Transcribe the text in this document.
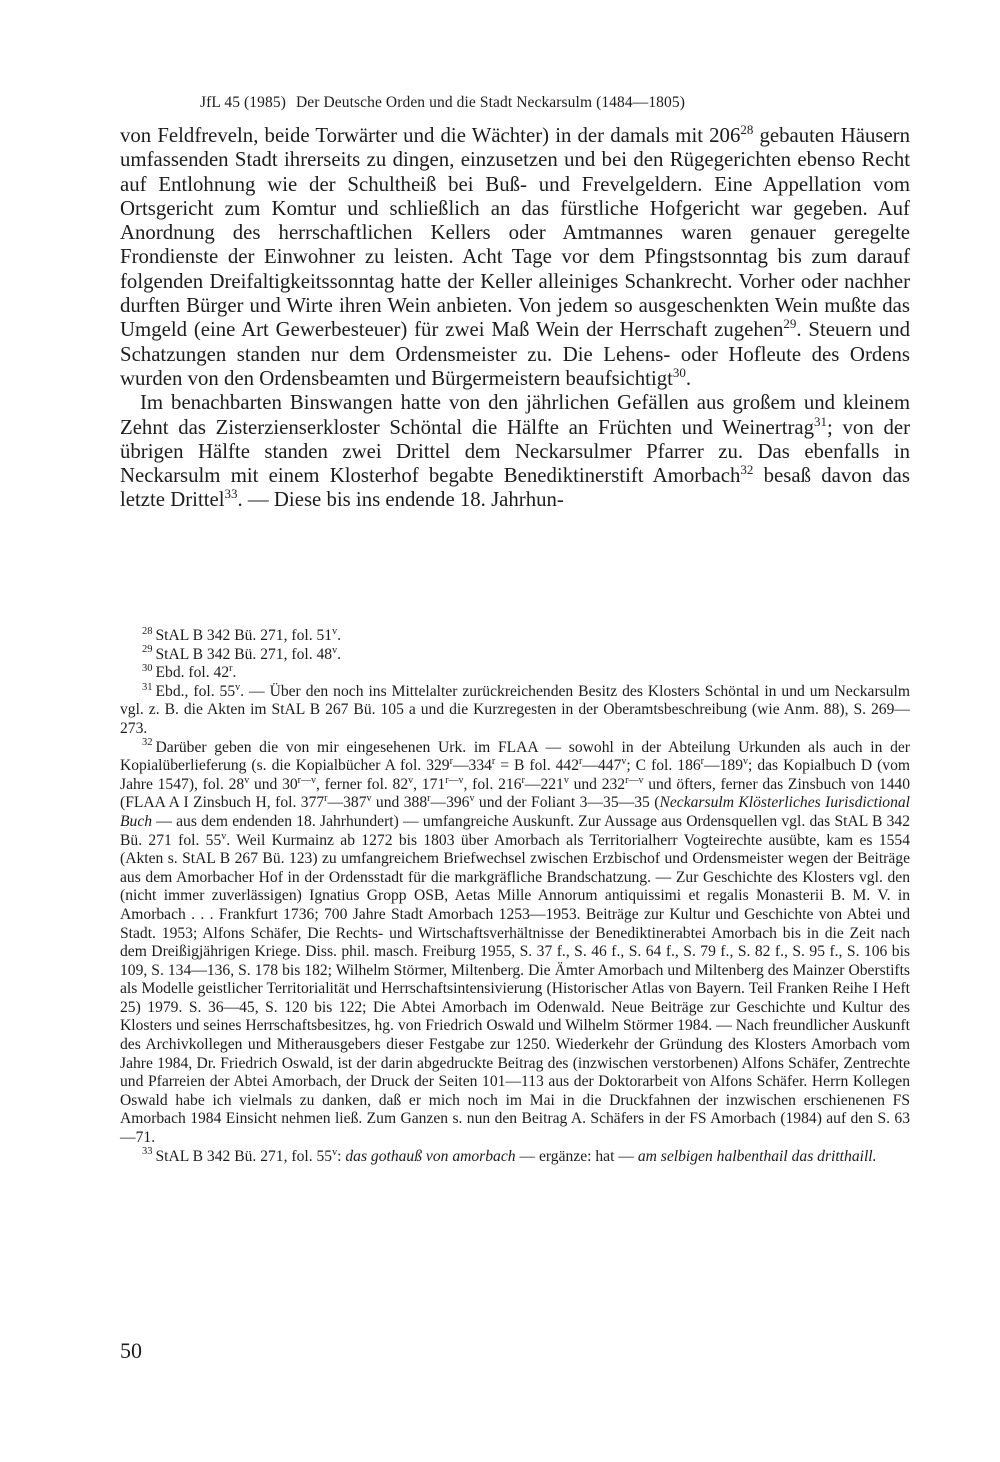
JfL 45 (1985) Der Deutsche Orden und die Stadt Neckarsulm (1484—1805)

von Feldfreveln, beide Torwärter und die Wächter) in der damals mit $206^{28}$ gebauten Häusern umfassenden Stadt ihrerseits zu dingen, einzusetzen und bei den Rügegerichten ebenso Recht auf Entlohnung wie der Schultheiß bei Buß- und Frevelgeldern. Eine Appellation vom Ortsgericht zum Komtur und schließlich an das fürstliche Hofgericht war gegeben. Auf Anordnung des herrschaftlichen Kellers oder Amtmannes waren genauer geregelte Frondienste der Einwohner zu leisten. Acht Tage vor dem Pfingstsonntag bis zum darauf folgenden Dreifaltigkeitssonntag hatte der Keller alleiniges Schankrecht. Vorher oder nachher durften Bürger und Wirte ihren Wein anbieten. Von jedem so ausgeschenkten Wein mußte das Umgeld (eine Art Gewerbesteuer) für zwei Maß Wein der Herrschaft zugehen$^{29}$. Steuern und Schatzungen standen nur dem Ordensmeister zu. Die Lehens- oder Hofleute des Ordens wurden von den Ordensbeamten und Bürgermeistern beaufsichtigt$^{30}$.

Im benachbarten Binswangen hatte von den jährlichen Gefällen aus großem und kleinem Zehnt das Zisterzienserkloster Schöntal die Hälfte an Früchten und Weinertrag$^{31}$; von der übrigen Hälfte standen zwei Drittel dem Neckarsulmer Pfarrer zu. Das ebenfalls in Neckarsulm mit einem Klosterhof begabte Benediktinerstift Amorbach$^{32}$ besaß davon das letzte Drittel$^{33}$. — Diese bis ins endende 18. Jahrhun-

$^{28}$ StAL B 342 Bü. 271, fol. 51$^v$.

$^{29}$ StAL B 342 Bü. 271, fol. 48$^v$.

$^{30}$ Ebd. fol. 42$^r$.

$^{31}$ Ebd., fol. 55$^v$. — Über den noch ins Mittelalter zurückreichenden Besitz des Klosters Schöntal in und um Neckarsulm vgl. z. B. die Akten im StAL B 267 Bü. 105 a und die Kurzregesten in der Oberamtsbeschreibung (wie Anm. 88), S. 269—273.

$^{32}$ Darüber geben die von mir eingesehenen Urk. im FLAA — sowohl in der Abteilung Urkunden als auch in der Kopialüberlieferung (s. die Kopialbücher A fol. $329^r—334^r = B$ fol. 442$^r$—447$^v$; C fol. 186$^r$—189$^v$; das Kopialbuch D (vom Jahre 1547), fol. 28$^v$ und $30^{r—v}$, ferner fol. 82$^v$, $171^{r—v}$, fol. 216$^r$—221$^v$ und $232^{r—v}$ und öfters, ferner das Zinsbuch von 1440 (FLAA A I Zinsbuch H, fol. 377$^r$—387$^v$ und 388$^r$—396$^v$ und der Foliant 3—35—35 (Neckarsulm Klösterliches Iurisdictional Buch — aus dem endenden 18. Jahrhundert) — umfangreiche Auskunft. Zur Aussage aus Ordensquellen vgl. das StAL B 342 Bü. 271 fol. 55$^v$. Weil Kurmainz ab 1272 bis 1803 über Amorbach als Territorialherr Vogteirechte ausübte, kam es 1554 (Akten s. StAL B 267 Bü. 123) zu umfangreichem Briefwechsel zwischen Erzbischof und Ordensmeister wegen der Beiträge aus dem Amorbacher Hof in der Ordensstadt für die markgräfliche Brandschatzung. — Zur Geschichte des Klosters vgl. den (nicht immer zuverlässigen) Ignatius Gropp OSB, Aetas Mille Annorum antiquissimi et regalis Monasterii B. M. V. in Amorbach . . . Frankfurt 1736; 700 Jahre Stadt Amorbach 1253—1953. Beiträge zur Kultur und Geschichte von Abtei und Stadt. 1953; Alfons Schäfer, Die Rechts- und Wirtschaftsverhältnisse der Benediktinerabtei Amorbach bis in die Zeit nach dem Dreißigjährigen Kriege. Diss. phil. masch. Freiburg 1955, S. 37 f., S. 46 f., S. 64 f., S. 79 f., S. 82 f., S. 95 f., S. 106 bis 109, S. 134—136, S. 178 bis 182; Wilhelm Störmer, Miltenberg. Die Ämter Amorbach und Miltenberg des Mainzer Oberstifts als Modelle geistlicher Territorialität und Herrschaftsintensivierung (Historischer Atlas von Bayern. Teil Franken Reihe I Heft 25) 1979. S. 36—45, S. 120 bis 122; Die Abtei Amorbach im Odenwald. Neue Beiträge zur Geschichte und Kultur des Klosters und seines Herrschaftsbesitzes, hg. von Friedrich Oswald und Wilhelm Störmer 1984. — Nach freundlicher Auskunft des Archivkollegen und Mitherausgebers dieser Festgabe zur 1250. Wiederkehr der Gründung des Klosters Amorbach vom Jahre 1984, Dr. Friedrich Oswald, ist der darin abgedruckte Beitrag des (inzwischen verstorbenen) Alfons Schäfer, Zentrechte und Pfarreien der Abtei Amorbach, der Druck der Seiten 101—113 aus der Doktorarbeit von Alfons Schäfer. Herrn Kollegen Oswald habe ich vielmals zu danken, daß er mich noch im Mai in die Druckfahnen der inzwischen erschienenen FS Amorbach 1984 Einsicht nehmen ließ. Zum Ganzen s. nun den Beitrag A. Schäfers in der FS Amorbach (1984) auf den S. 63—71.

$^{33}$ StAL B 342 Bü. 271, fol. 55$^v$: das gothauß von amorbach — ergänze: hat — am selbigen halbenthail das dritthaill.

50
